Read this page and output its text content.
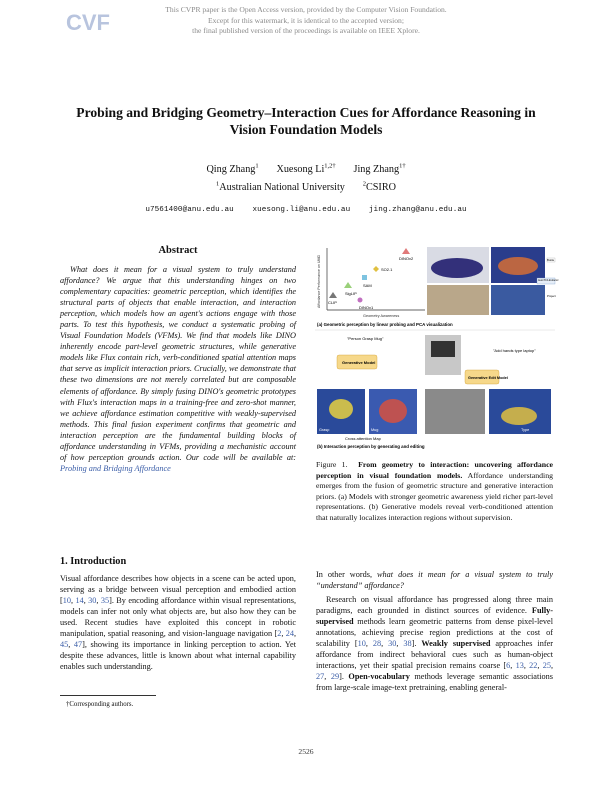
CVF
This CVPR paper is the Open Access version, provided by the Computer Vision Foundation.
Except for this watermark, it is identical to the accepted version;
the final published version of the proceedings is available on IEEE Xplore.
Probing and Bridging Geometry–Interaction Cues for Affordance Reasoning in
Vision Foundation Models
Qing Zhang$^1$ Xuesong $Li^{1,2\dagger}$ Jing Zhang$^{1\dagger}$
$^1$Australian National University	$^2$CSIRO
u7561400@anu.edu.au xuesong.li@anu.edu.au jing.zhang@anu.edu.au
Abstract

What does it mean for a visual system to truly understand affordance? We argue that this understanding hinges on two complementary capacities: geometric perception, which identifies the structural parts of objects that enable interaction, and interaction perception, which models how an agent's actions engage with those parts. To test this hypothesis, we conduct a systematic probing of Visual Foundation Models (VFMs). We find that models like DINO inherently encode part-level geometric structures, while generative models like Flux contain rich, verb-conditioned spatial attention maps that serve as implicit interaction priors. Crucially, we demonstrate that these two dimensions are not merely correlated but are composable elements of affordance. By simply fusing DINO's geometric prototypes with Flux's interaction maps in a training-free and zero-shot manner, we achieve affordance estimation competitive with weakly-supervised methods. This final fusion experiment confirms that geometric and interaction perception are the fundamental building blocks of affordance understanding in VFMs, providing a mechanistic account of how perception grounds action. Our code will be available at: Probing and Bridging Affordance

1. Introduction

Visual affordance describes how objects in a scene can be acted upon, serving as a bridge between visual perception and embodied action [10, 14, 30, 35]. By encoding affordance within visual representations, models can infer not only what objects are, but also how they can be used. Recent studies have exploited this concept in robotic manipulation, spatial reasoning, and vision-language navigation [2, 24, 45, 47], showing its importance in linking perception to action. Yet despite these advances, little is known about what internal capability enables such understanding.

†Corresponding authors.
Affordance Performance on UMD
Geometry Awareness
DINOv2
SO2.1
SAM
SigLIP
CLIP
DINOv1
Bottle
Auto PCA Extractor
Project
(a) Geometric perception by linear probing and PCA visualization
"Person Grasp Mug"
Generative Model
"Add hands type laptop"
Generative Edit Model
Grasp	Mug	Type
Cross attention Map
(b) Interaction perception by generating and editing
Figure 1. From geometry to interaction: uncovering affordance perception in visual foundation models. Affordance understanding emerges from the fusion of geometric structure and generative interaction priors. (a) Models with stronger geometric awareness yield richer part-level representations. (b) Generative models reveal verb-conditioned attention that naturally localizes interaction regions without supervision.

In other words, what does it mean for a visual system to truly “understand” affordance?

Research on visual affordance has progressed along three main paradigms, each grounded in distinct sources of evidence. Fully-supervised methods learn geometric patterns from dense pixel-level annotations, achieving precise region predictions at the cost of scalability [10, 28, 30, 38]. Weakly supervised approaches infer affordance from indirect behavioral cues such as human-object interactions, yet their spatial precision remains coarse [6, 13, 22, 25, 27, 29]. Open-vocabulary methods leverage semantic associations from large-scale image-text pretraining, enabling general-

2526
